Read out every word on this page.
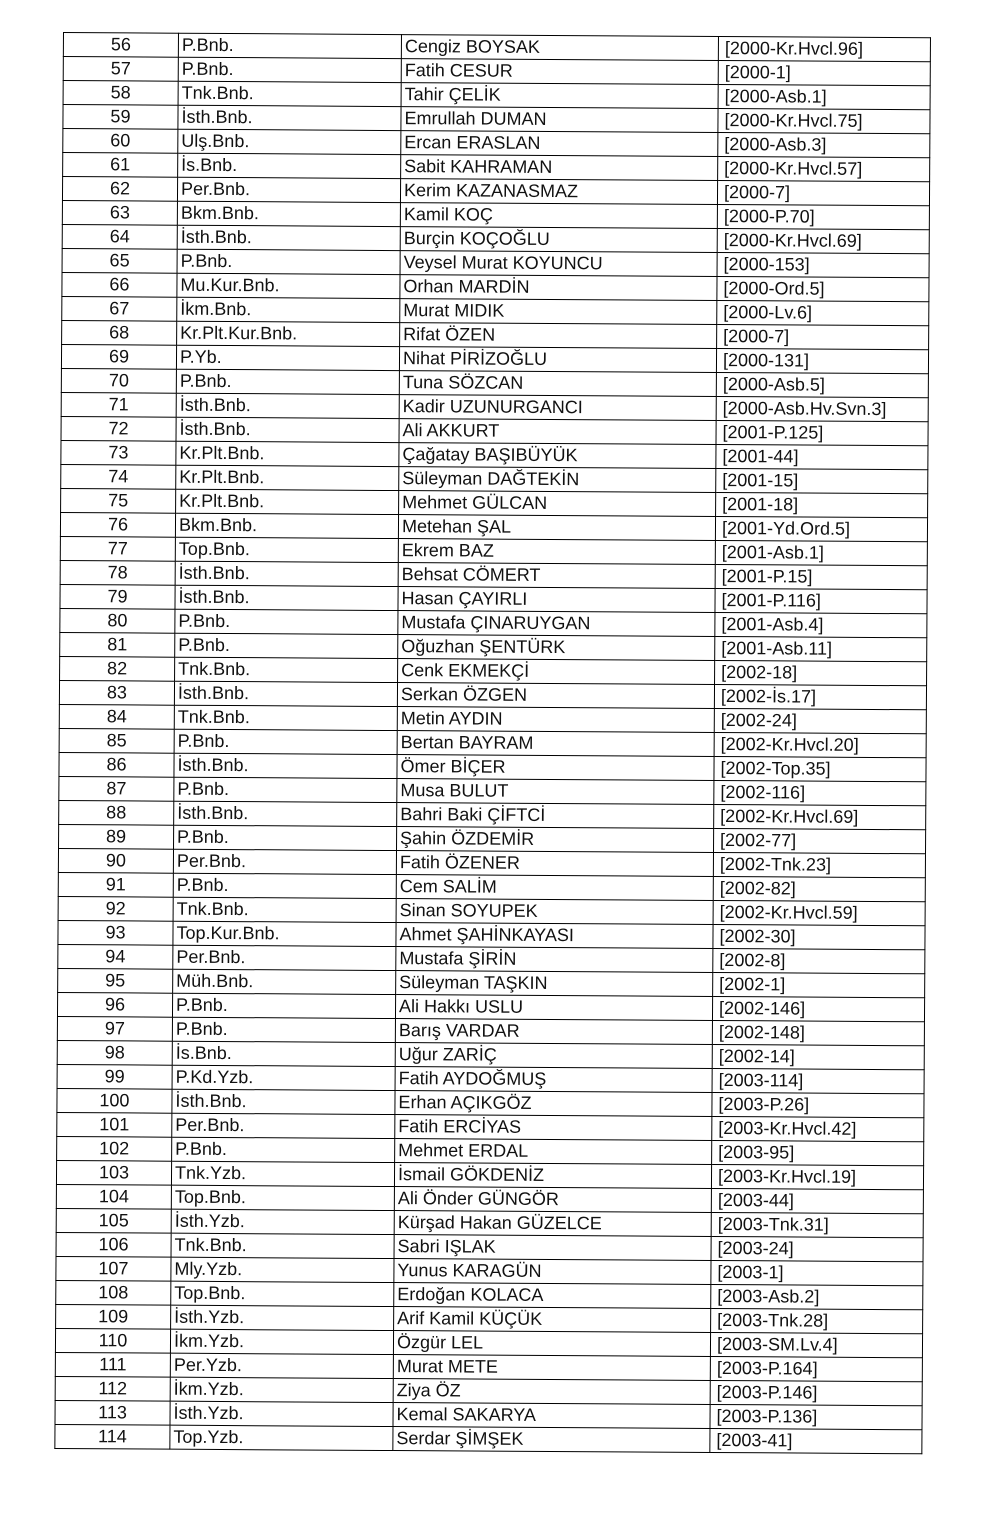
56	P.Bnb.	Cengiz BOYSAK	[2000-Kr.Hvcl.96]
57	P.Bnb.	Fatih CESUR	[2000-1]
58	Tnk.Bnb.	Tahir ÇELİK	[2000-Asb.1]
59	İsth.Bnb.	Emrullah DUMAN	[2000-Kr.Hvcl.75]
60	Ulş.Bnb.	Ercan ERASLAN	[2000-Asb.3]
61	İs.Bnb.	Sabit KAHRAMAN	[2000-Kr.Hvcl.57]
62	Per.Bnb.	Kerim KAZANASMAZ	[2000-7]
63	Bkm.Bnb.	Kamil KOÇ	[2000-P.70]
64	İsth.Bnb.	Burçin KOÇOĞLU	[2000-Kr.Hvcl.69]
65	P.Bnb.	Veysel Murat KOYUNCU	[2000-153]
66	Mu.Kur.Bnb.	Orhan MARDİN	[2000-Ord.5]
67	İkm.Bnb.	Murat MIDIK	[2000-Lv.6]
68	Kr.Plt.Kur.Bnb.	Rifat ÖZEN	[2000-7]
69	P.Yb.	Nihat PİRİZOĞLU	[2000-131]
70	P.Bnb.	Tuna SÖZCAN	[2000-Asb.5]
71	İsth.Bnb.	Kadir UZUNURGANCI	[2000-Asb.Hv.Svn.3]
72	İsth.Bnb.	Ali AKKURT	[2001-P.125]
73	Kr.Plt.Bnb.	Çağatay BAŞIBÜYÜK	[2001-44]
74	Kr.Plt.Bnb.	Süleyman DAĞTEKİN	[2001-15]
75	Kr.Plt.Bnb.	Mehmet GÜLCAN	[2001-18]
76	Bkm.Bnb.	Metehan ŞAL	[2001-Yd.Ord.5]
77	Top.Bnb.	Ekrem BAZ	[2001-Asb.1]
78	İsth.Bnb.	Behsat CÖMERT	[2001-P.15]
79	İsth.Bnb.	Hasan ÇAYIRLI	[2001-P.116]
80	P.Bnb.	Mustafa ÇINARUYGAN	[2001-Asb.4]
81	P.Bnb.	Oğuzhan ŞENTÜRK	[2001-Asb.11]
82	Tnk.Bnb.	Cenk EKMEKÇİ	[2002-18]
83	İsth.Bnb.	Serkan ÖZGEN	[2002-İs.17]
84	Tnk.Bnb.	Metin AYDIN	[2002-24]
85	P.Bnb.	Bertan BAYRAM	[2002-Kr.Hvcl.20]
86	İsth.Bnb.	Ömer BİÇER	[2002-Top.35]
87	P.Bnb.	Musa BULUT	[2002-116]
88	İsth.Bnb.	Bahri Baki ÇİFTCİ	[2002-Kr.Hvcl.69]
89	P.Bnb.	Şahin ÖZDEMİR	[2002-77]
90	Per.Bnb.	Fatih ÖZENER	[2002-Tnk.23]
91	P.Bnb.	Cem SALİM	[2002-82]
92	Tnk.Bnb.	Sinan SOYUPEK	[2002-Kr.Hvcl.59]
93	Top.Kur.Bnb.	Ahmet ŞAHİNKAYASI	[2002-30]
94	Per.Bnb.	Mustafa ŞİRİN	[2002-8]
95	Müh.Bnb.	Süleyman TAŞKIN	[2002-1]
96	P.Bnb.	Ali Hakkı USLU	[2002-146]
97	P.Bnb.	Barış VARDAR	[2002-148]
98	İs.Bnb.	Uğur ZARİÇ	[2002-14]
99	P.Kd.Yzb.	Fatih AYDOĞMUŞ	[2003-114]
100	İsth.Bnb.	Erhan AÇIKGÖZ	[2003-P.26]
101	Per.Bnb.	Fatih ERCİYAS	[2003-Kr.Hvcl.42]
102	P.Bnb.	Mehmet ERDAL	[2003-95]
103	Tnk.Yzb.	İsmail GÖKDENİZ	[2003-Kr.Hvcl.19]
104	Top.Bnb.	Ali Önder GÜNGÖR	[2003-44]
105	İsth.Yzb.	Kürşad Hakan GÜZELCE	[2003-Tnk.31]
106	Tnk.Bnb.	Sabri IŞLAK	[2003-24]
107	Mly.Yzb.	Yunus KARAGÜN	[2003-1]
108	Top.Bnb.	Erdoğan KOLACA	[2003-Asb.2]
109	İsth.Yzb.	Arif Kamil KÜÇÜK	[2003-Tnk.28]
110	İkm.Yzb.	Özgür LEL	[2003-SM.Lv.4]
111	Per.Yzb.	Murat METE	[2003-P.164]
112	İkm.Yzb.	Ziya ÖZ	[2003-P.146]
113	İsth.Yzb.	Kemal SAKARYA	[2003-P.136]
114	Top.Yzb.	Serdar ŞİMŞEK	[2003-41]
